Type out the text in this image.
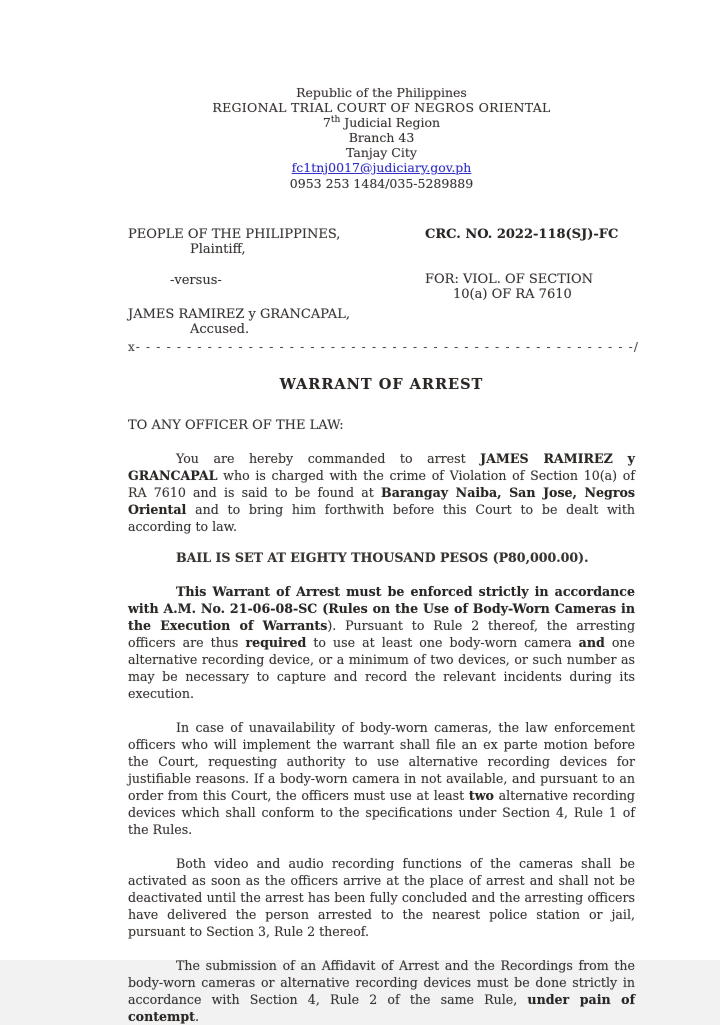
Republic of the Philippines
REGIONAL TRIAL COURT OF NEGROS ORIENTAL
7th Judicial Region
Branch 43
Tanjay City
fc1tnj0017@judiciary.gov.ph
0953 253 1484/035-5289889
CRC. NO. 2022-118(SJ)-FC
FOR: VIOL. OF SECTION
10(a) OF RA 7610
PEOPLE OF THE PHILIPPINES,
Plaintiff,
-versus-
JAMES RAMIREZ y GRANCAPAL,
Accused.
x- - - - - - - - - - - - - - - - - - - - - - - - - - - - - - - - - - - - - - - - - - - - - - - - -/
WARRANT OF ARREST
TO ANY OFFICER OF THE LAW:

You are hereby commanded to arrest JAMES RAMIREZ y GRANCAPAL who is charged with the crime of Violation of Section 10(a) of RA 7610 and is said to be found at Barangay Naiba, San Jose, Negros Oriental and to bring him forthwith before this Court to be dealt with according to law.

BAIL IS SET AT EIGHTY THOUSAND PESOS (P80,000.00).

This Warrant of Arrest must be enforced strictly in accordance with A.M. No. 21-06-08-SC (Rules on the Use of Body-Worn Cameras in the Execution of Warrants). Pursuant to Rule 2 thereof, the arresting officers are thus required to use at least one body-worn camera and one alternative recording device, or a minimum of two devices, or such number as may be necessary to capture and record the relevant incidents during its execution.

In case of unavailability of body-worn cameras, the law enforcement officers who will implement the warrant shall file an ex parte motion before the Court, requesting authority to use alternative recording devices for justifiable reasons. If a body-worn camera in not available, and pursuant to an order from this Court, the officers must use at least two alternative recording devices which shall conform to the specifications under Section 4, Rule 1 of the Rules.

Both video and audio recording functions of the cameras shall be activated as soon as the officers arrive at the place of arrest and shall not be deactivated until the arrest has been fully concluded and the arresting officers have delivered the person arrested to the nearest police station or jail, pursuant to Section 3, Rule 2 thereof.

The submission of an Affidavit of Arrest and the Recordings from the body-worn cameras or alternative recording devices must be done strictly in accordance with Section 4, Rule 2 of the same Rule, under pain of contempt.
